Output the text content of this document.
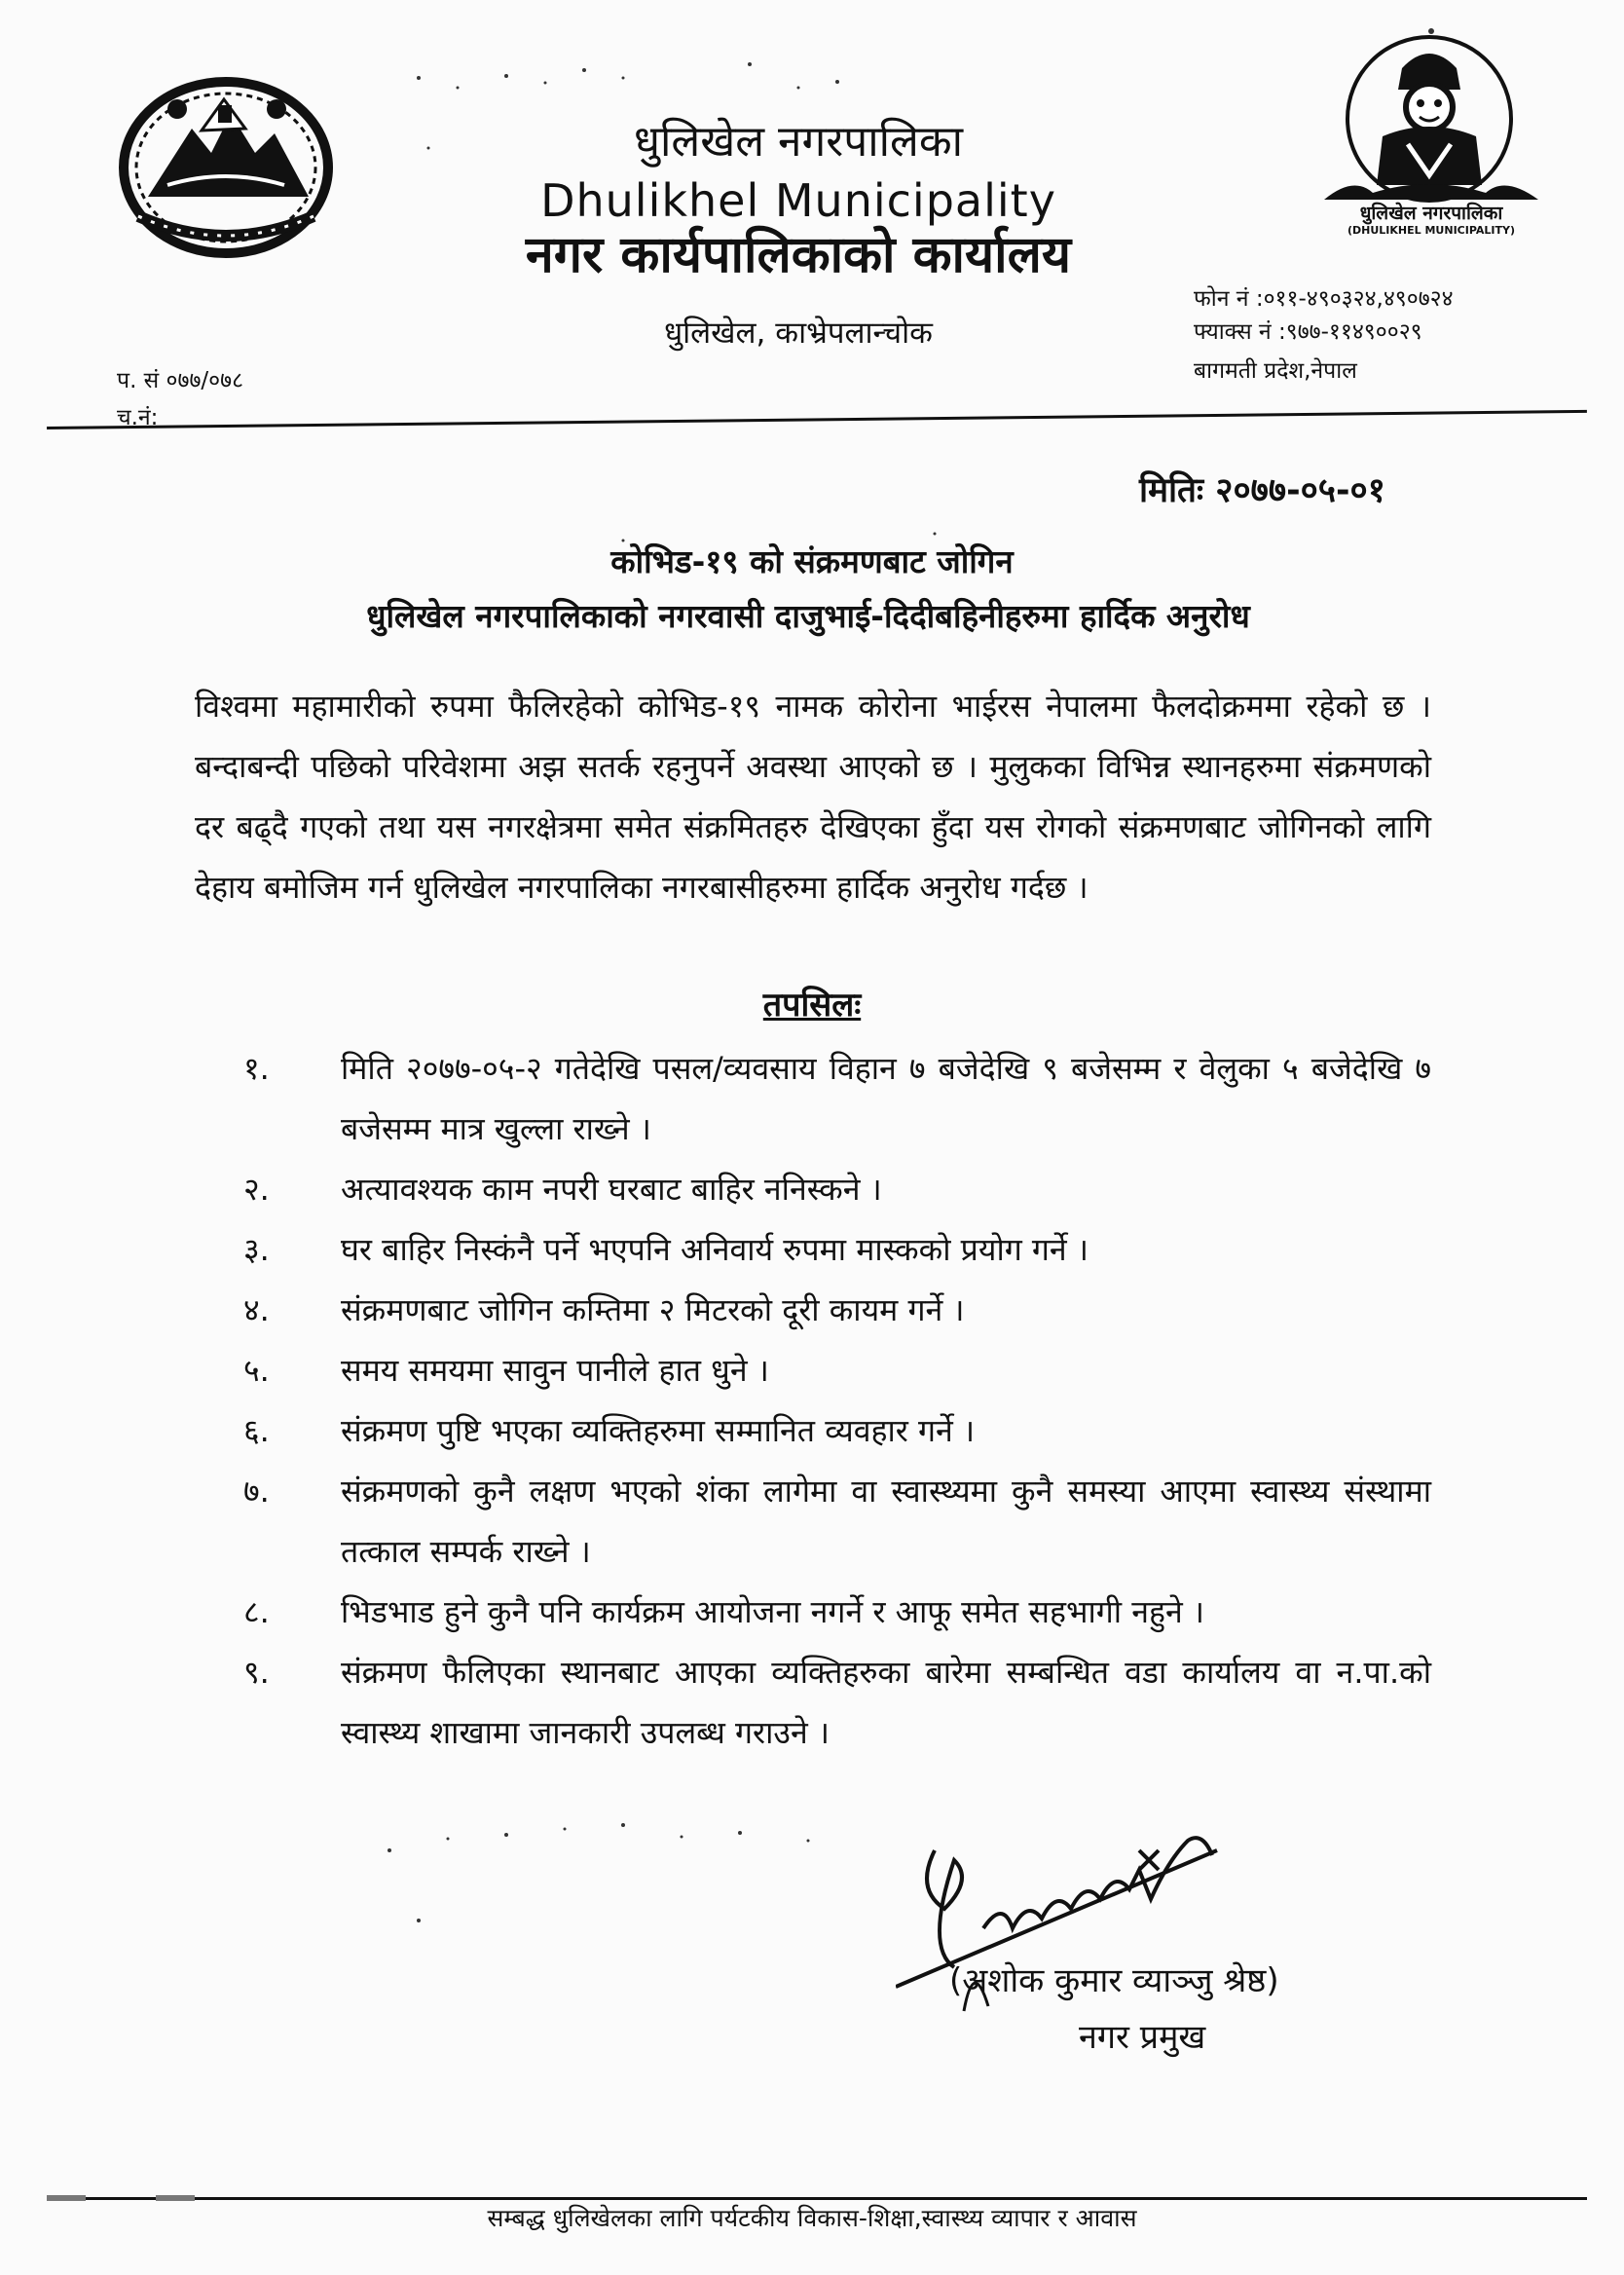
धुलिखेल नगरपालिका
(DHULIKHEL MUNICIPALITY)
धुलिखेल नगरपालिका
Dhulikhel Municipality
नगर कार्यपालिकाको कार्यालय
धुलिखेल, काभ्रेपलान्चोक
फोन नं :०११-४९०३२४,४९०७२४
फ्याक्स नं :९७७-११४९००२९
बागमती प्रदेश,नेपाल
प. सं ०७७/०७८
च.नं:
मितिः २०७७-०५-०१
कोभिड-१९ को संक्रमणबाट जोगिन
धुलिखेल नगरपालिकाको नगरवासी दाजुभाई-दिदीबहिनीहरुमा हार्दिक अनुरोध
विश्वमा महामारीको रुपमा फैलिरहेको कोभिड-१९ नामक कोरोना भाईरस नेपालमा फैलदोक्रममा रहेको छ । बन्दाबन्दी पछिको परिवेशमा अझ सतर्क रहनुपर्ने अवस्था आएको छ । मुलुकका विभिन्न स्थानहरुमा संक्रमणको दर बढ्दै गएको तथा यस नगरक्षेत्रमा समेत संक्रमितहरु देखिएका हुँदा यस रोगको संक्रमणबाट जोगिनको लागि देहाय बमोजिम गर्न धुलिखेल नगरपालिका नगरबासीहरुमा हार्दिक अनुरोध गर्दछ ।
तपसिलः
१.	मिति २०७७-०५-२ गतेदेखि पसल/व्यवसाय विहान ७ बजेदेखि ९ बजेसम्म र वेलुका ५ बजेदेखि ७ बजेसम्म मात्र खुल्ला राख्ने ।
२.	अत्यावश्यक काम नपरी घरबाट बाहिर ननिस्कने ।
३.	घर बाहिर निस्कंनै पर्ने भएपनि अनिवार्य रुपमा मास्कको प्रयोग गर्ने ।
४.	संक्रमणबाट जोगिन कम्तिमा २ मिटरको दूरी कायम गर्ने ।
५.	समय समयमा सावुन पानीले हात धुने ।
६.	संक्रमण पुष्टि भएका व्यक्तिहरुमा सम्मानित व्यवहार गर्ने ।
७.	संक्रमणको कुनै लक्षण भएको शंका लागेमा वा स्वास्थ्यमा कुनै समस्या आएमा स्वास्थ्य संस्थामा तत्काल सम्पर्क राख्ने ।
८.	भिडभाड हुने कुनै पनि कार्यक्रम आयोजना नगर्ने र आफू समेत सहभागी नहुने ।
९.	संक्रमण फैलिएका स्थानबाट आएका व्यक्तिहरुका बारेमा सम्बन्धित वडा कार्यालय वा न.पा.को स्वास्थ्य शाखामा जानकारी उपलब्ध गराउने ।
(अशोक कुमार व्याञ्जु श्रेष्ठ)
नगर प्रमुख
सम्बद्ध धुलिखेलका लागि पर्यटकीय विकास-शिक्षा,स्वास्थ्य व्यापार र आवास
